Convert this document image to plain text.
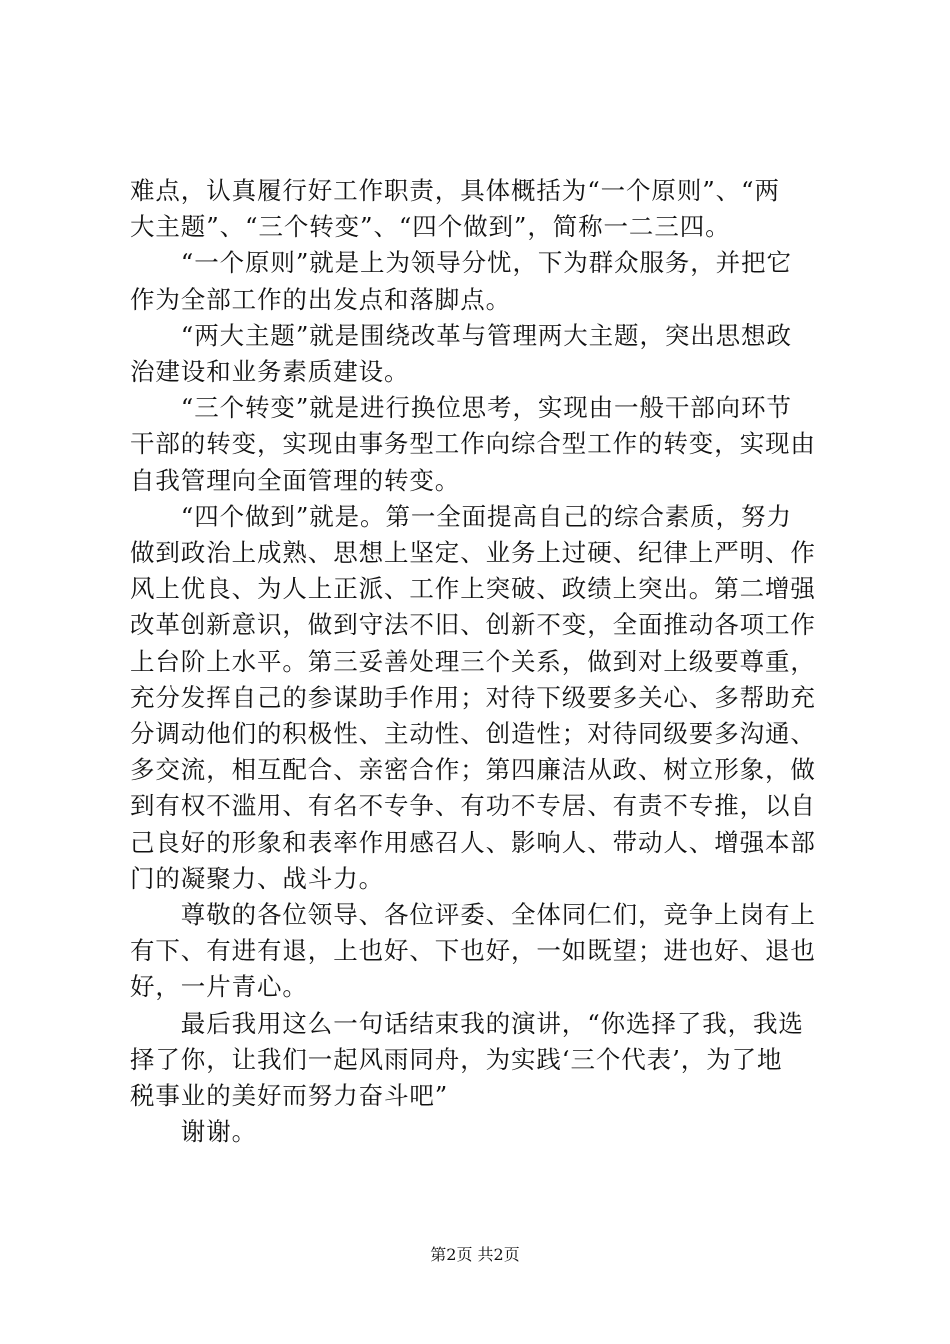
难点，认真履行好工作职责，具体概括为“一个原则”、“两
大主题”、“三个转变”、“四个做到”，简称一二三四。
　　“一个原则”就是上为领导分忧，下为群众服务，并把它
作为全部工作的出发点和落脚点。
　　“两大主题”就是围绕改革与管理两大主题，突出思想政
治建设和业务素质建设。
　　“三个转变”就是进行换位思考，实现由一般干部向环节
干部的转变，实现由事务型工作向综合型工作的转变，实现由
自我管理向全面管理的转变。
　　“四个做到”就是。第一全面提高自己的综合素质，努力
做到政治上成熟、思想上坚定、业务上过硬、纪律上严明、作
风上优良、为人上正派、工作上突破、政绩上突出。第二增强
改革创新意识，做到守法不旧、创新不变，全面推动各项工作
上台阶上水平。第三妥善处理三个关系，做到对上级要尊重，
充分发挥自己的参谋助手作用；对待下级要多关心、多帮助充
分调动他们的积极性、主动性、创造性；对待同级要多沟通、
多交流，相互配合、亲密合作；第四廉洁从政、树立形象，做
到有权不滥用、有名不专争、有功不专居、有责不专推，以自
己良好的形象和表率作用感召人、影响人、带动人、增强本部
门的凝聚力、战斗力。
　　尊敬的各位领导、各位评委、全体同仁们，竞争上岗有上
有下、有进有退，上也好、下也好，一如既望；进也好、退也
好，一片青心。
　　最后我用这么一句话结束我的演讲，“你选择了我，我选
择了你，让我们一起风雨同舟，为实践‘三个代表’，为了地
税事业的美好而努力奋斗吧”
　　谢谢。
第2页 共2页
